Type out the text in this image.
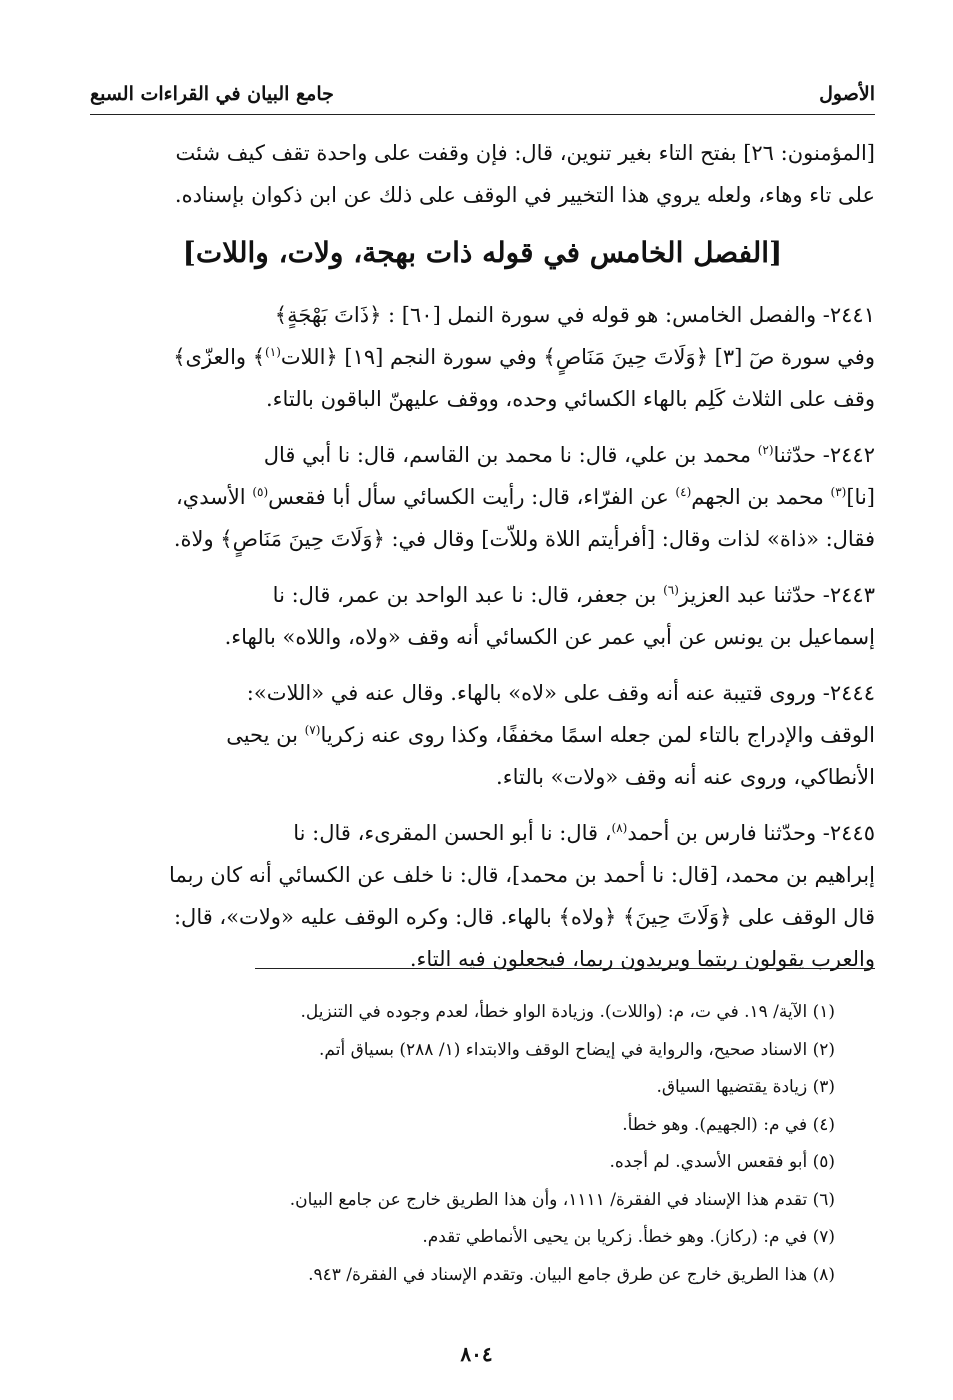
الأصول
جامع البيان في القراءات السبع
[المؤمنون: ٢٦] بفتح التاء بغير تنوين، قال: فإن وقفت على واحدة تقف كيف شئت
على تاء وهاء، ولعله يروي هذا التخيير في الوقف على ذلك عن ابن ذكوان بإسناده.
[الفصل الخامس في قوله ذات بهجة، ولات، واللات]
٢٤٤١- والفصل الخامس: هو قوله في سورة النمل [٦٠] : ﴿ذَاتَ بَهْجَةٍ﴾
وفي سورة صٓ [٣] ﴿وَلَاتَ حِينَ مَنَاصٍ﴾ وفي سورة النجم [١٩] ﴿اللات$^{(١)}$﴾ والعزّى﴾
وقف على الثلاث كَلِم بالهاء الكسائي وحده، ووقف عليهنّ الباقون بالتاء.
٢٤٤٢- حدّثنا$^{(٢)}$ محمد بن علي، قال: نا محمد بن القاسم، قال: نا أبي قال
[نا]$^{(٣)}$ محمد بن الجهم$^{(٤)}$ عن الفرّاء، قال: رأيت الكسائي سأل أبا فقعس$^{(٥)}$ الأسدي،
فقال: «ذاة» لذات وقال: [أفرأيتم اللاة وللاّت] وقال في: ﴿وَلَاتَ حِينَ مَنَاصٍ﴾ ولاة.
٢٤٤٣- حدّثنا عبد العزيز$^{(٦)}$ بن جعفر، قال: نا عبد الواحد بن عمر، قال: نا
إسماعيل بن يونس عن أبي عمر عن الكسائي أنه وقف «ولاه، واللاه» بالهاء.
٢٤٤٤- وروى قتيبة عنه أنه وقف على «لاه» بالهاء. وقال عنه في «اللات»:
الوقف والإدراج بالتاء لمن جعله اسمًا مخففًا، وكذا روى عنه زكريا$^{(٧)}$ بن يحيى
الأنطاكي، وروى عنه أنه وقف «ولات» بالتاء.
٢٤٤٥- وحدّثنا فارس بن أحمد$^{(٨)}$، قال: نا أبو الحسن المقرىء، قال: نا
إبراهيم بن محمد، [قال: نا أحمد بن محمد]، قال: نا خلف عن الكسائي أنه كان ربما
قال الوقف على ﴿وَلَاتَ حِينَ﴾ ﴿ولاه﴾ بالهاء. قال: وكره الوقف عليه «ولات»، قال:
والعرب يقولون ربتما ويريدون ربما، فيجعلون فيه التاء.
(١) الآية/ ١٩. في ت، م: (واللات). وزيادة الواو خطأ، لعدم وجوده في التنزيل.
(٢) الاسناد صحيح، والرواية في إيضاح الوقف والابتداء (١/ ٢٨٨) بسياق أتم.
(٣) زيادة يقتضيها السياق.
(٤) في م: (الجهيم). وهو خطأ.
(٥) أبو فقعس الأسدي. لم أجده.
(٦) تقدم هذا الإسناد في الفقرة/ ١١١١، وأن هذا الطريق خارج عن جامع البيان.
(٧) في م: (ركاز). وهو خطأ. زكريا بن يحيى الأنماطي تقدم.
(٨) هذا الطريق خارج عن طرق جامع البيان. وتقدم الإسناد في الفقرة/ ٩٤٣.
٨٠٤
